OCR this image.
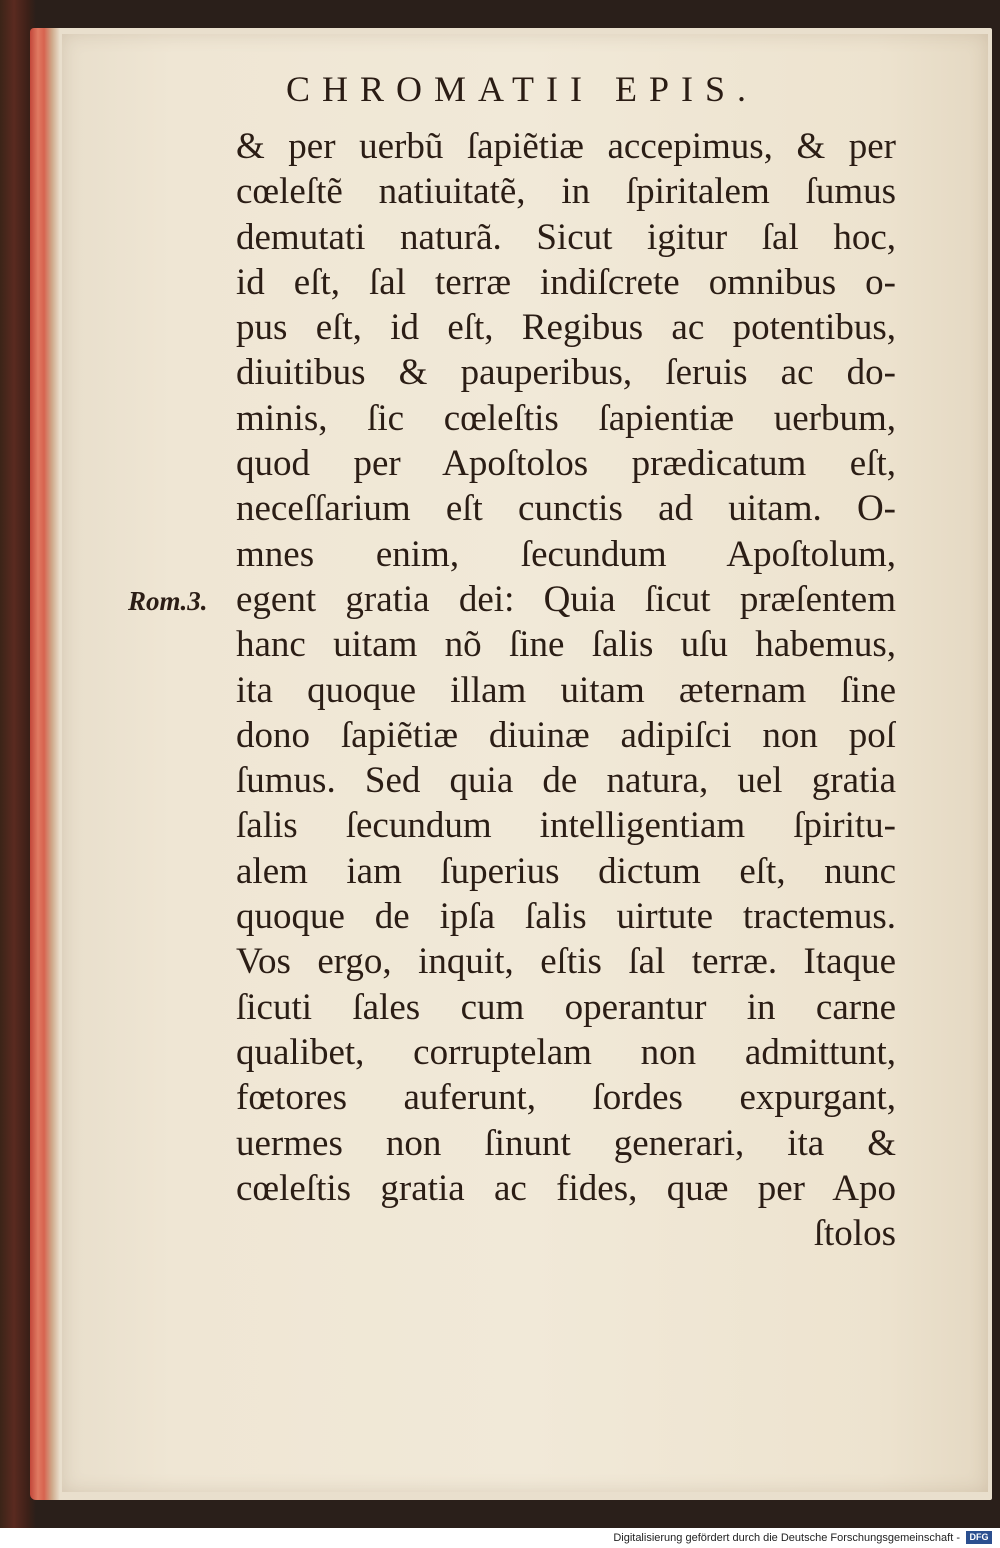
CHROMATII EPIS.
Rom.3.
& per uerbũ ſapiẽtiæ accepimus, & per
cœleſtẽ natiuitatẽ, in ſpiritalem ſumus
demutati naturã. Sicut igitur ſal hoc,
id eſt, ſal terræ indiſcrete omnibus o-
pus eſt, id eſt, Regibus ac potentibus,
diuitibus & pauperibus, ſeruis ac do-
minis, ſic cœleſtis ſapientiæ uerbum,
quod per Apoſtolos prædicatum eſt,
neceſſarium eſt cunctis ad uitam. O-
mnes enim, ſecundum Apoſtolum,
egent gratia dei: Quia ſicut præſentem
hanc uitam nõ ſine ſalis uſu habemus,
ita quoque illam uitam æternam ſine
dono ſapiẽtiæ diuinæ adipiſci non poſ
ſumus. Sed quia de natura, uel gratia
ſalis ſecundum intelligentiam ſpiritu-
alem iam ſuperius dictum eſt, nunc
quoque de ipſa ſalis uirtute tractemus.
Vos ergo, inquit, eſtis ſal terræ. Itaque
ſicuti ſales cum operantur in carne
qualibet, corruptelam non admittunt,
fœtores auferunt, ſordes expurgant,
uermes non ſinunt generari, ita &
cœleſtis gratia ac fides, quæ per Apo
ſtolos
Digitalisierung gefördert durch die Deutsche Forschungsgemeinschaft -	DFG
